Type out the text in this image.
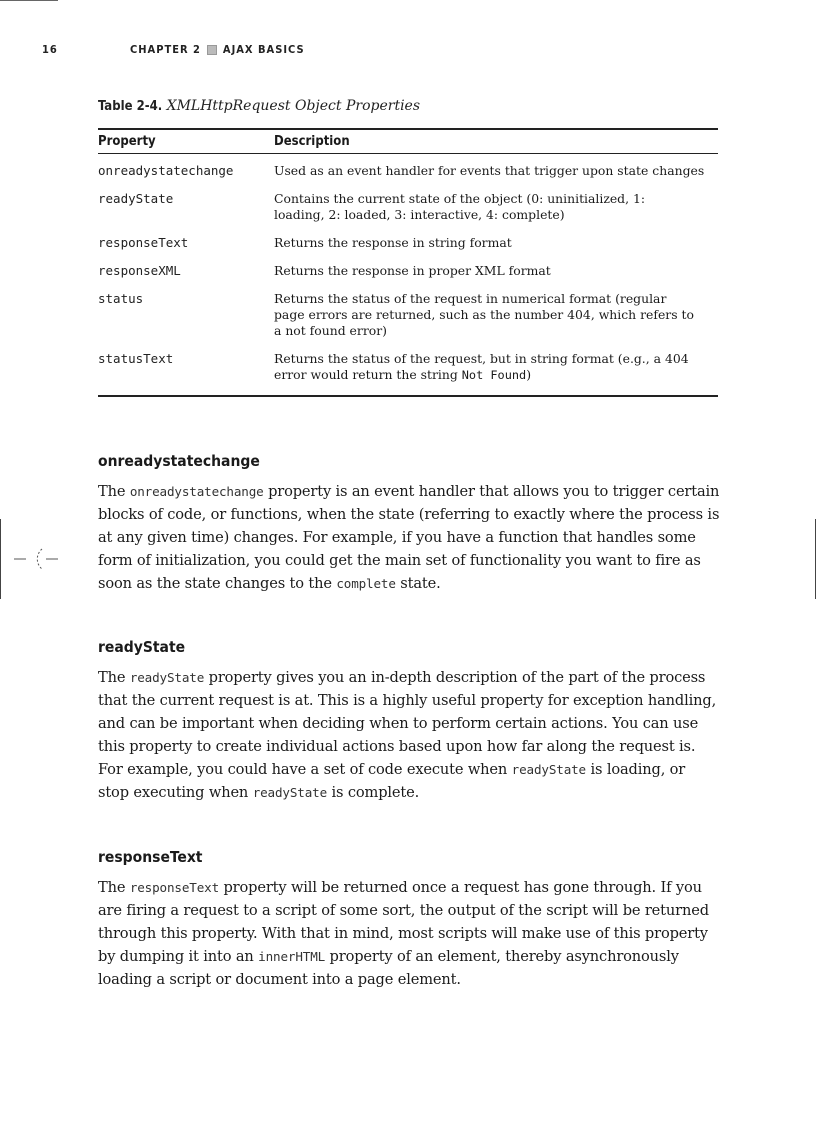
16	CHAPTER 2 AJAX BASICS
Table 2-4. XMLHttpRequest Object Properties
Property	Description
onreadystatechange	Used as an event handler for events that trigger upon state changes
readyState	Contains the current state of the object (0: uninitialized, 1: loading, 2: loaded, 3: interactive, 4: complete)
responseText	Returns the response in string format
responseXML	Returns the response in proper XML format
status	Returns the status of the request in numerical format (regular page errors are returned, such as the number 404, which refers to a not found error)
statusText	Returns the status of the request, but in string format (e.g., a 404 error would return the string Not Found)
onreadystatechange

The onreadystatechange property is an event handler that allows you to trigger certain blocks of code, or functions, when the state (referring to exactly where the process is at any given time) changes. For example, if you have a function that handles some form of initialization, you could get the main set of functionality you want to fire as soon as the state changes to the complete state.

readyState

The readyState property gives you an in-depth description of the part of the process that the current request is at. This is a highly useful property for exception handling, and can be important when deciding when to perform certain actions. You can use this property to create individual actions based upon how far along the request is. For example, you could have a set of code execute when readyState is loading, or stop executing when readyState is complete.

responseText

The responseText property will be returned once a request has gone through. If you are firing a request to a script of some sort, the output of the script will be returned through this property. With that in mind, most scripts will make use of this property by dumping it into an innerHTML property of an element, thereby asynchronously loading a script or document into a page element.
